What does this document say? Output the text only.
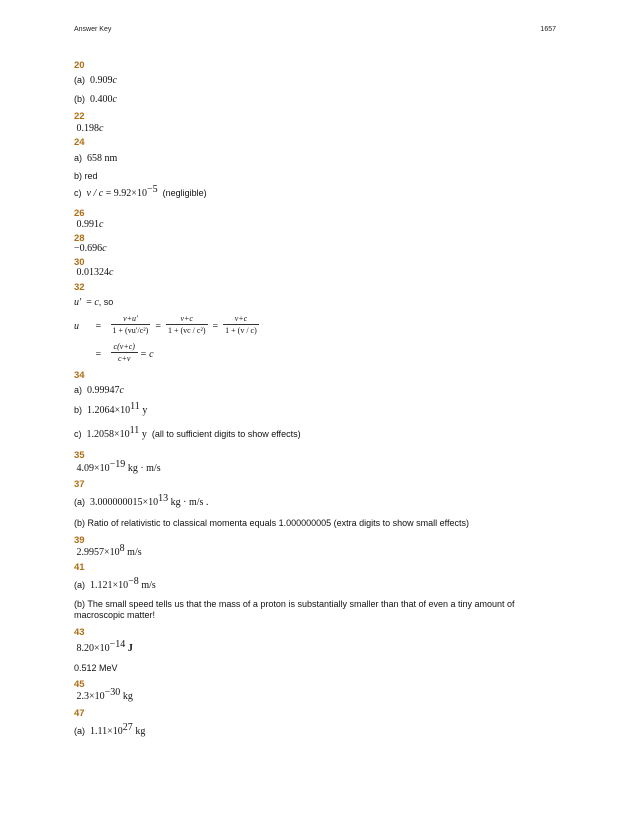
Answer Key	1657
20
(a) 0.909c
(b) 0.400c
22
0.198c
24
a) 658 nm
b) red
c) $v / c = 9.92\times 10^{-5}$ (negligible)
26
0.991c
28
−0.696c
30
0.01324c
32
u′ = c, so
$u = \frac{v+u'}{\text{1 + (vu′/c²)}} = \frac{v+c}{\text{1 + (vc / c²)}} = \frac{v+c}{1 + (v / c)}$
= $\frac{c(v+c)}{c+v} = c$
34
a) 0.99947c
b) $1.2064\times 10^{11}$ y
c) $1.2058\times 10^{11}$ y (all to sufficient digits to show effects)
35
$4.09\times 10^{-19}$ kg · m/s
37
(a) $3.000000015\times 10^{13}$ kg · m/s .
(b) Ratio of relativistic to classical momenta equals 1.000000005 (extra digits to show small effects)
39
$2.9957\times 10^8$ m/s
41
(a) $1.121\times 10^{-8}$ m/s
(b) The small speed tells us that the mass of a proton is substantially smaller than that of even a tiny amount of
macroscopic matter!
43
$8.20\times 10^{-14}$ J
0.512 MeV
45
$2.3\times 10^{-30}$ kg
47
(a) $1.11\times 10^{27}$ kg
